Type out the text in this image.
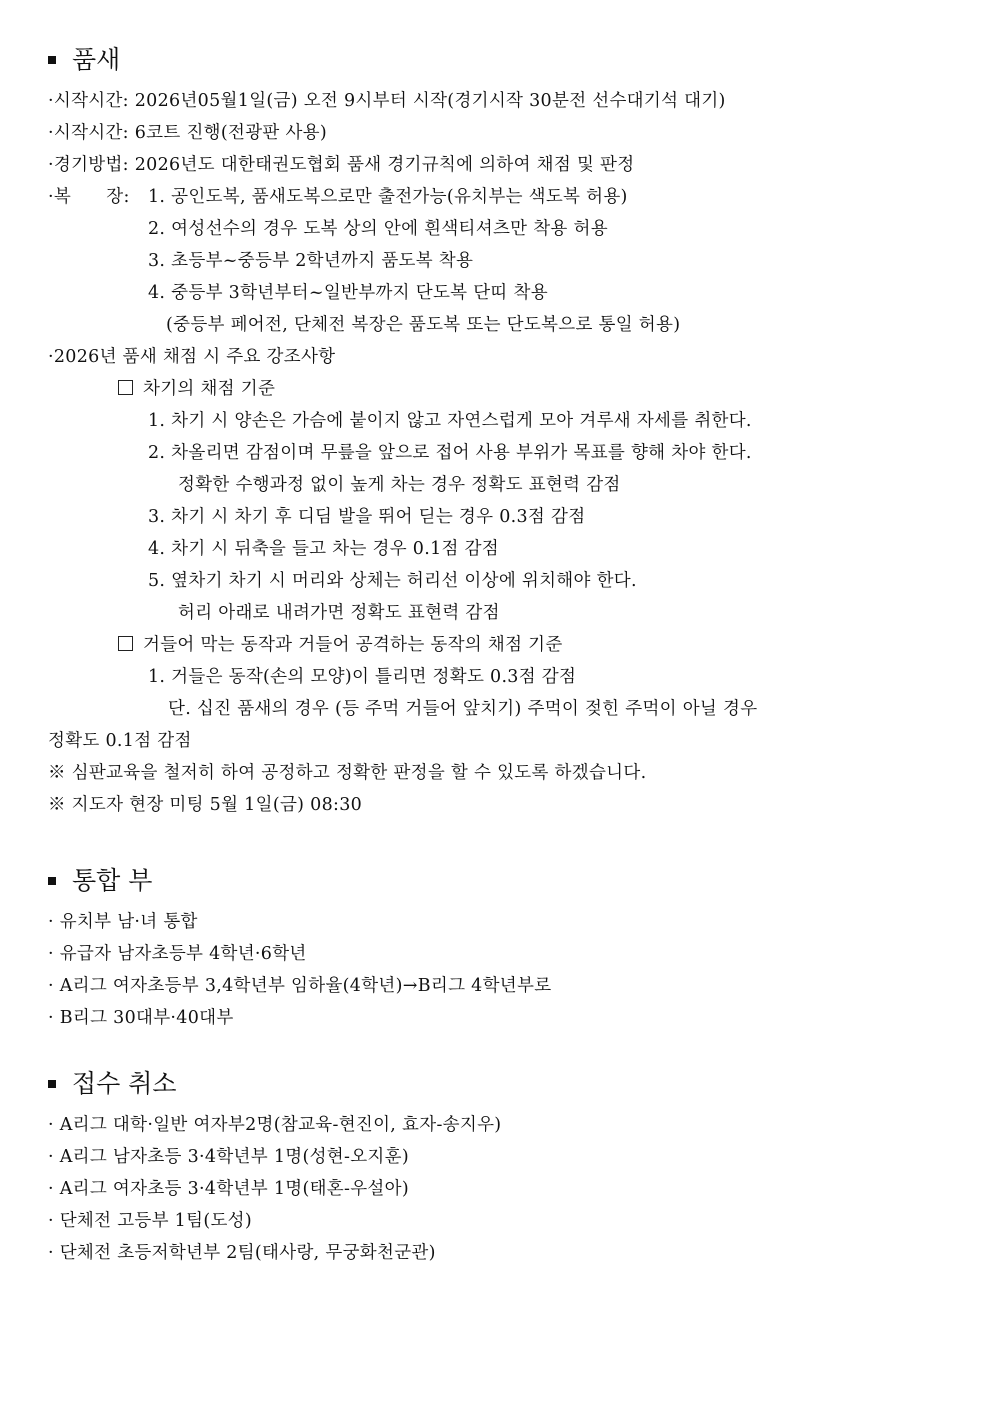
품새
·시작시간: 2026년05월1일(금) 오전 9시부터 시작(경기시작 30분전 선수대기석 대기)
·시작시간: 6코트 진행(전광판 사용)
·경기방법: 2026년도 대한태권도협회 품새 경기규칙에 의하여 채점 및 판정
·복      장: 1. 공인도복, 품새도복으로만 출전가능(유치부는 색도복 허용)
2. 여성선수의 경우 도복 상의 안에 흰색티셔츠만 착용 허용
3. 초등부~중등부 2학년까지 품도복 착용
4. 중등부 3학년부터~일반부까지 단도복 단띠 착용
(중등부 페어전, 단체전 복장은 품도복 또는 단도복으로 통일 허용)
·2026년 품새 채점 시 주요 강조사항
차기의 채점 기준
1. 차기 시 양손은 가슴에 붙이지 않고 자연스럽게 모아 겨루새 자세를 취한다.
2. 차올리면 감점이며 무릎을 앞으로 접어 사용 부위가 목표를 향해 차야 한다.
정확한 수행과정 없이 높게 차는 경우 정확도 표현력 감점
3. 차기 시 차기 후 디딤 발을 뛰어 딛는 경우 0.3점 감점
4. 차기 시 뒤축을 들고 차는 경우 0.1점 감점
5. 옆차기 차기 시 머리와 상체는 허리선 이상에 위치해야 한다.
허리 아래로 내려가면 정확도 표현력 감점
거들어 막는 동작과 거들어 공격하는 동작의 채점 기준
1. 거들은 동작(손의 모양)이 틀리면 정확도 0.3점 감점
단. 십진 품새의 경우 (등 주먹 거들어 앞치기) 주먹이 젖힌 주먹이 아닐 경우
정확도 0.1점 감점
※ 심판교육을 철저히 하여 공정하고 정확한 판정을 할 수 있도록 하겠습니다.
※ 지도자 현장 미팅 5월 1일(금) 08:30
통합 부
· 유치부 남·녀 통합
· 유급자 남자초등부 4학년·6학년
· A리그 여자초등부 3,4학년부 임하율(4학년)→B리그 4학년부로
· B리그 30대부·40대부
접수 취소
· A리그 대학·일반 여자부2명(참교육-현진이, 효자-송지우)
· A리그 남자초등 3·4학년부 1명(성현-오지훈)
· A리그 여자초등 3·4학년부 1명(태혼-우설아)
· 단체전 고등부 1팀(도성)
· 단체전 초등저학년부 2팀(태사랑, 무궁화천군관)
